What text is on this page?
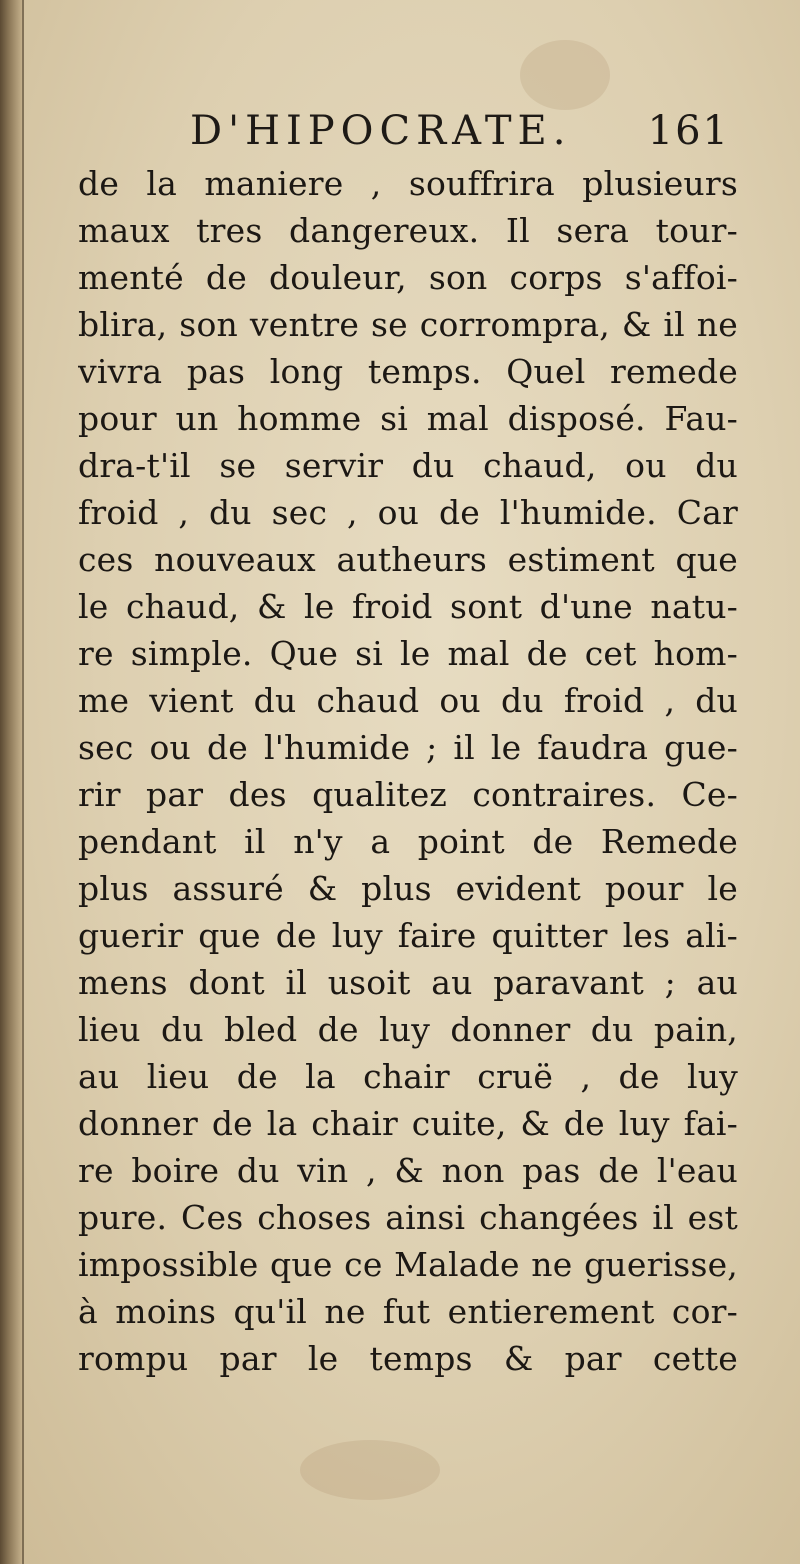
D'HIPOCRATE. 161
de la maniere , souffrira plusieurs
maux tres dangereux. Il sera tour-
menté de douleur, son corps s'affoi-
blira, son ventre se corrompra, & il ne
vivra pas long temps. Quel remede
pour un homme si mal disposé. Fau-
dra-t'il se servir du chaud, ou du
froid , du sec , ou de l'humide. Car
ces nouveaux autheurs estiment que
le chaud, & le froid sont d'une natu-
re simple. Que si le mal de cet hom-
me vient du chaud ou du froid , du
sec ou de l'humide ; il le faudra gue-
rir par des qualitez contraires. Ce-
pendant il n'y a point de Remede
plus assuré & plus evident pour le
guerir que de luy faire quitter les ali-
mens dont il usoit au paravant ; au
lieu du bled de luy donner du pain,
au lieu de la chair cruë , de luy
donner de la chair cuite, & de luy fai-
re boire du vin , & non pas de l'eau
pure. Ces choses ainsi changées il est
impossible que ce Malade ne guerisse,
à moins qu'il ne fut entierement cor-
rompu par le temps & par cette
